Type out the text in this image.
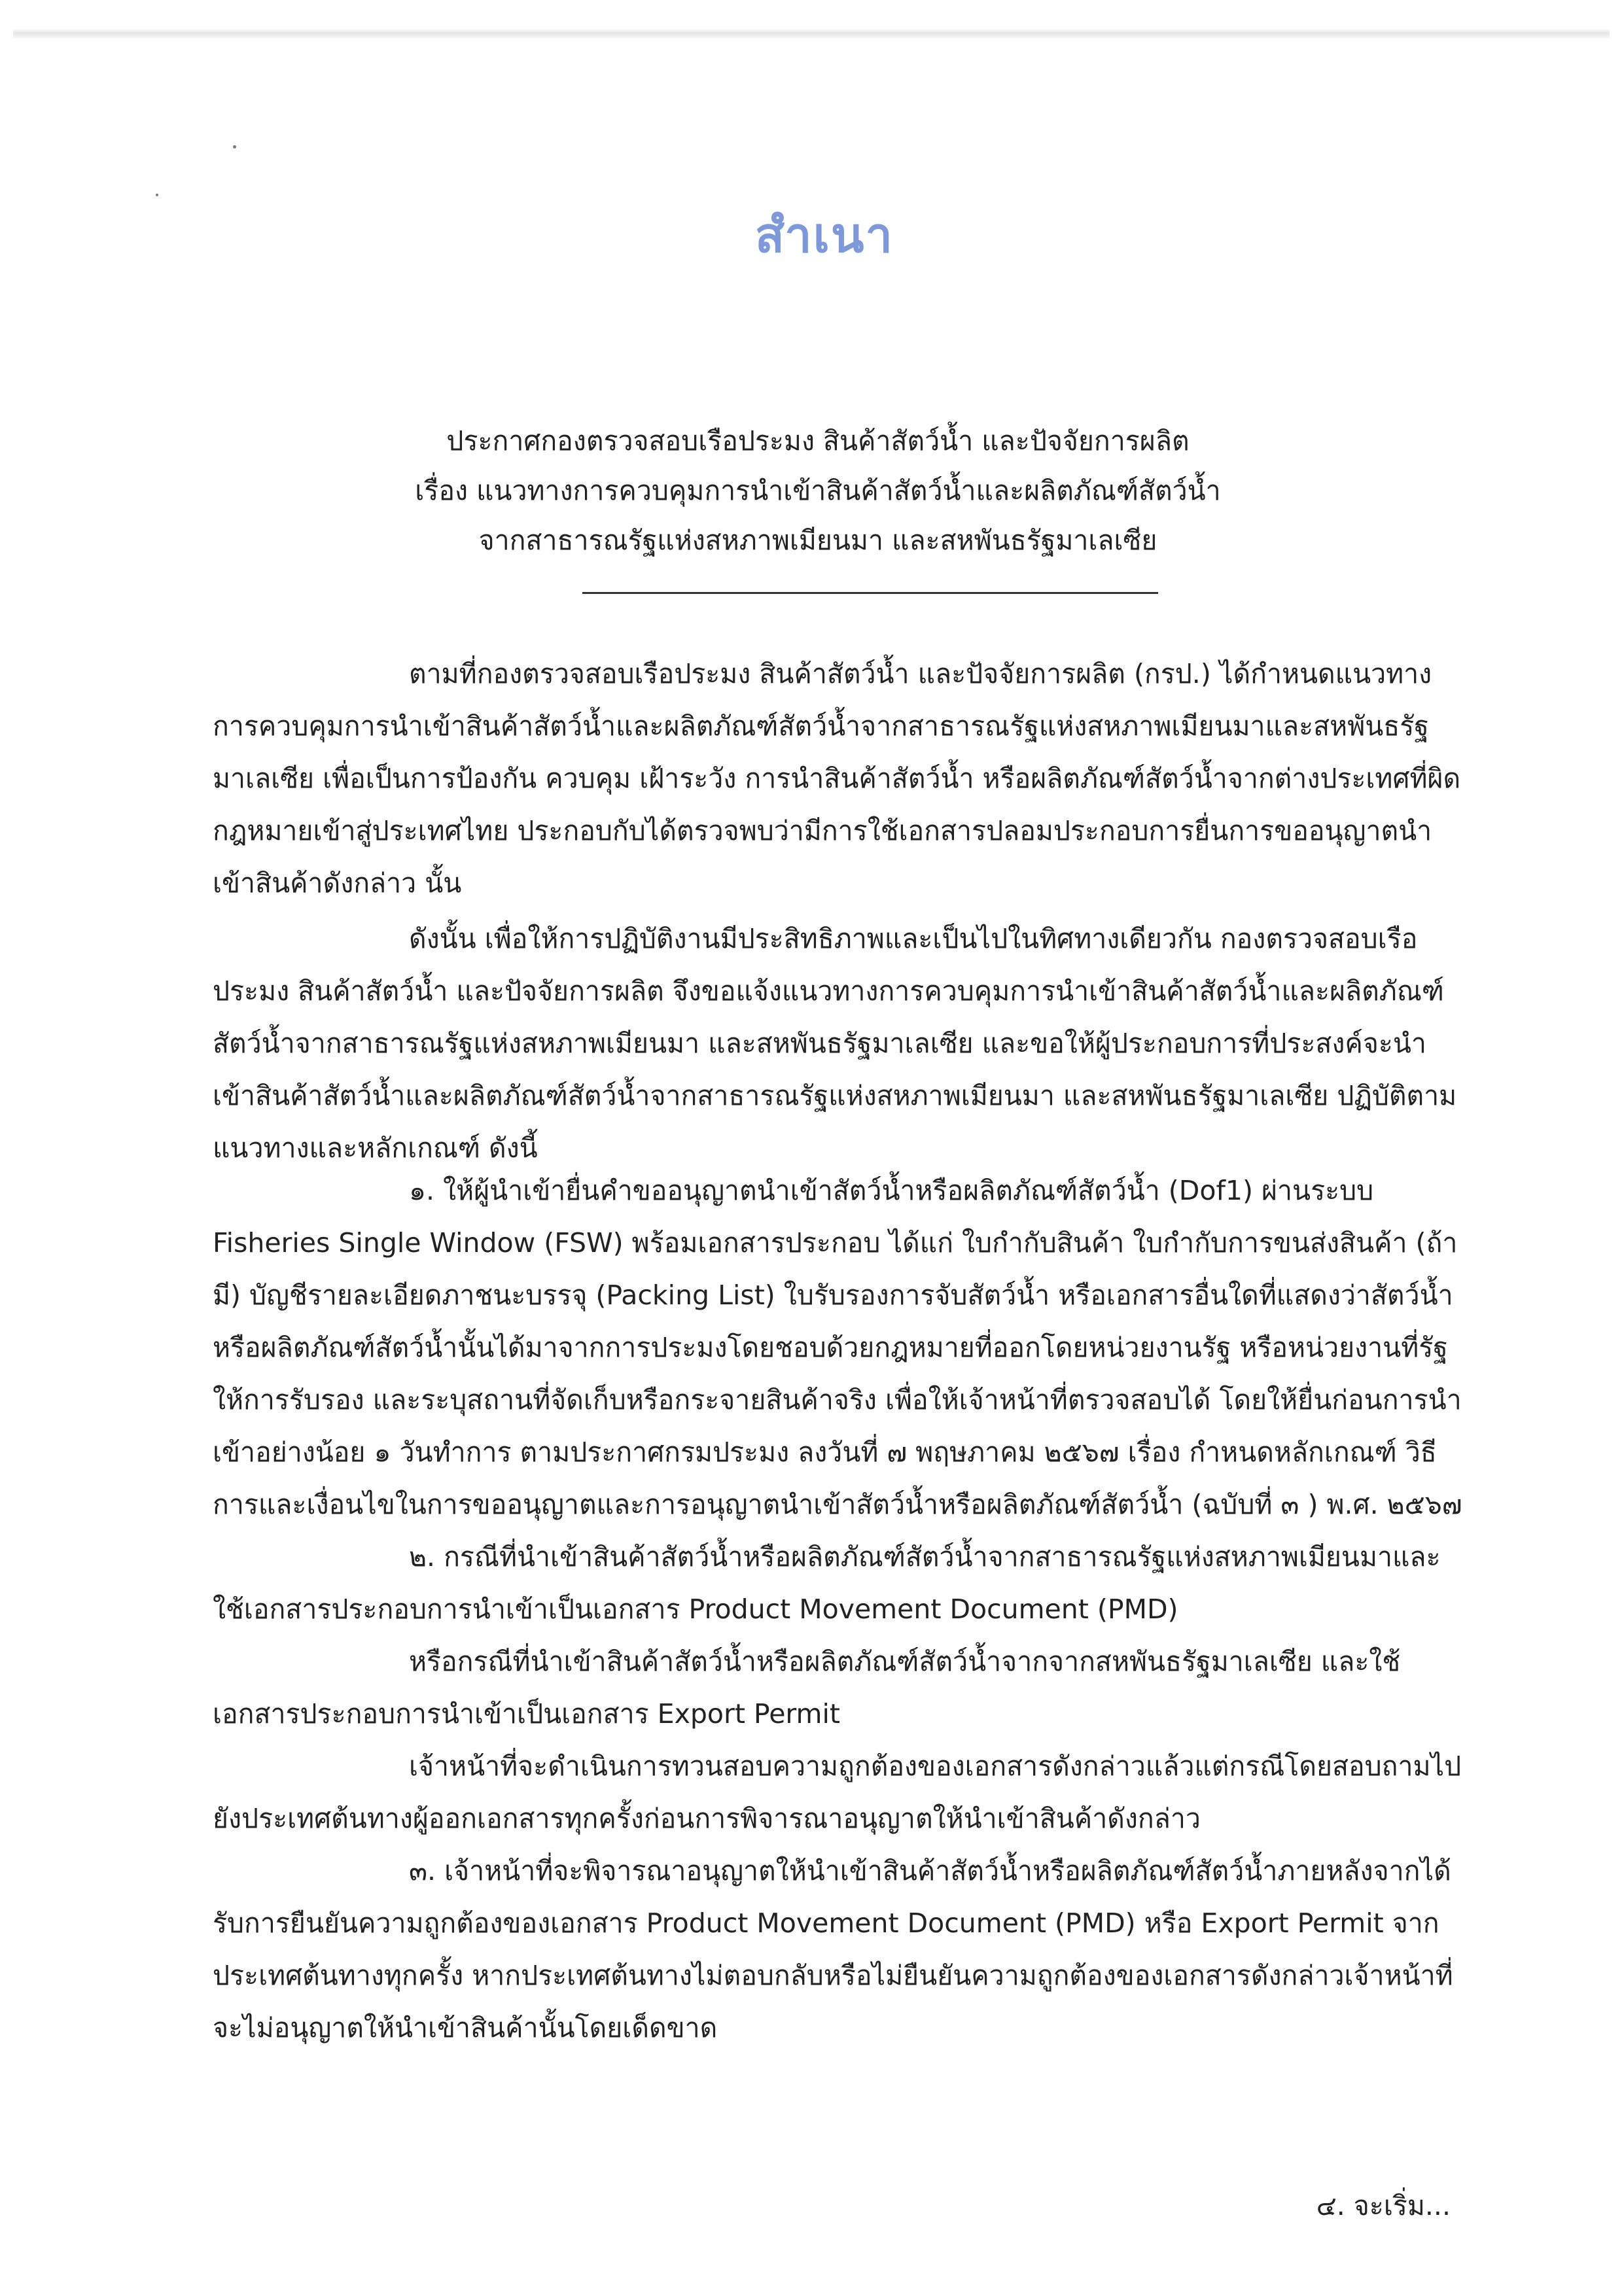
สำเนา
ประกาศกองตรวจสอบเรือประมง สินค้าสัตว์น้ำ และปัจจัยการผลิต
เรื่อง แนวทางการควบคุมการนำเข้าสินค้าสัตว์น้ำและผลิตภัณฑ์สัตว์น้ำ
จากสาธารณรัฐแห่งสหภาพเมียนมา และสหพันธรัฐมาเลเซีย

ตามที่กองตรวจสอบเรือประมง สินค้าสัตว์น้ำ และปัจจัยการผลิต (กรป.) ได้กำหนดแนวทางการควบคุมการนำเข้าสินค้าสัตว์น้ำและผลิตภัณฑ์สัตว์น้ำจากสาธารณรัฐแห่งสหภาพเมียนมาและสหพันธรัฐมาเลเซีย เพื่อเป็นการป้องกัน ควบคุม เฝ้าระวัง การนำสินค้าสัตว์น้ำ หรือผลิตภัณฑ์สัตว์น้ำจากต่างประเทศที่ผิดกฎหมายเข้าสู่ประเทศไทย ประกอบกับได้ตรวจพบว่ามีการใช้เอกสารปลอมประกอบการยื่นการขออนุญาตนำเข้าสินค้าดังกล่าว นั้น

ดังนั้น เพื่อให้การปฏิบัติงานมีประสิทธิภาพและเป็นไปในทิศทางเดียวกัน กองตรวจสอบเรือประมง สินค้าสัตว์น้ำ และปัจจัยการผลิต จึงขอแจ้งแนวทางการควบคุมการนำเข้าสินค้าสัตว์น้ำและผลิตภัณฑ์สัตว์น้ำจากสาธารณรัฐแห่งสหภาพเมียนมา และสหพันธรัฐมาเลเซีย และขอให้ผู้ประกอบการที่ประสงค์จะนำเข้าสินค้าสัตว์น้ำและผลิตภัณฑ์สัตว์น้ำจากสาธารณรัฐแห่งสหภาพเมียนมา และสหพันธรัฐมาเลเซีย ปฏิบัติตามแนวทางและหลักเกณฑ์ ดังนี้

๑. ให้ผู้นำเข้ายื่นคำขออนุญาตนำเข้าสัตว์น้ำหรือผลิตภัณฑ์สัตว์น้ำ (Dof1) ผ่านระบบ Fisheries Single Window (FSW) พร้อมเอกสารประกอบ ได้แก่ ใบกำกับสินค้า ใบกำกับการขนส่งสินค้า (ถ้ามี) บัญชีรายละเอียดภาชนะบรรจุ (Packing List) ใบรับรองการจับสัตว์น้ำ หรือเอกสารอื่นใดที่แสดงว่าสัตว์น้ำหรือผลิตภัณฑ์สัตว์น้ำนั้นได้มาจากการประมงโดยชอบด้วยกฎหมายที่ออกโดยหน่วยงานรัฐ หรือหน่วยงานที่รัฐให้การรับรอง และระบุสถานที่จัดเก็บหรือกระจายสินค้าจริง เพื่อให้เจ้าหน้าที่ตรวจสอบได้ โดยให้ยื่นก่อนการนำเข้าอย่างน้อย ๑ วันทำการ ตามประกาศกรมประมง ลงวันที่ ๗ พฤษภาคม ๒๕๖๗ เรื่อง กำหนดหลักเกณฑ์ วิธีการและเงื่อนไขในการขออนุญาตและการอนุญาตนำเข้าสัตว์น้ำหรือผลิตภัณฑ์สัตว์น้ำ (ฉบับที่ ๓ ) พ.ศ. ๒๕๖๗

๒. กรณีที่นำเข้าสินค้าสัตว์น้ำหรือผลิตภัณฑ์สัตว์น้ำจากสาธารณรัฐแห่งสหภาพเมียนมาและใช้เอกสารประกอบการนำเข้าเป็นเอกสาร Product Movement Document (PMD)

หรือกรณีที่นำเข้าสินค้าสัตว์น้ำหรือผลิตภัณฑ์สัตว์น้ำจากจากสหพันธรัฐมาเลเซีย และใช้เอกสารประกอบการนำเข้าเป็นเอกสาร Export Permit

เจ้าหน้าที่จะดำเนินการทวนสอบความถูกต้องของเอกสารดังกล่าวแล้วแต่กรณีโดยสอบถามไปยังประเทศต้นทางผู้ออกเอกสารทุกครั้งก่อนการพิจารณาอนุญาตให้นำเข้าสินค้าดังกล่าว

๓. เจ้าหน้าที่จะพิจารณาอนุญาตให้นำเข้าสินค้าสัตว์น้ำหรือผลิตภัณฑ์สัตว์น้ำภายหลังจากได้รับการยืนยันความถูกต้องของเอกสาร Product Movement Document (PMD) หรือ Export Permit จากประเทศต้นทางทุกครั้ง หากประเทศต้นทางไม่ตอบกลับหรือไม่ยืนยันความถูกต้องของเอกสารดังกล่าวเจ้าหน้าที่จะไม่อนุญาตให้นำเข้าสินค้านั้นโดยเด็ดขาด

๔. จะเริ่ม...
